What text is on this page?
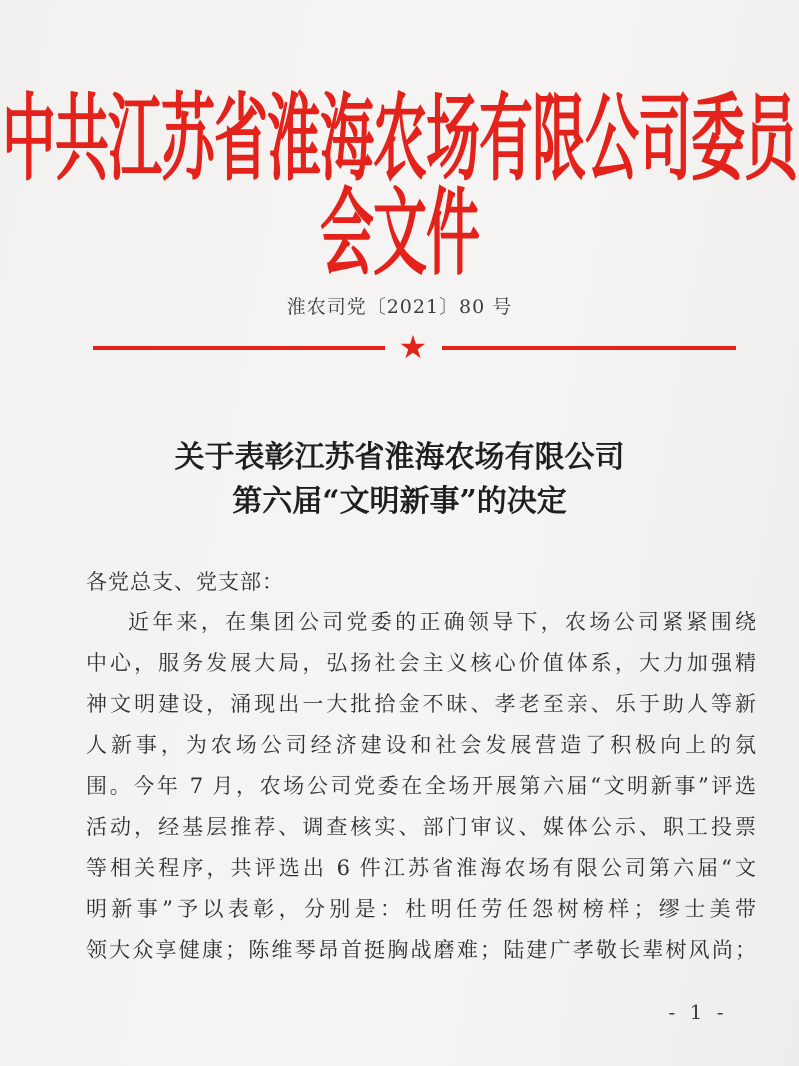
中共江苏省淮海农场有限公司委员会文件
淮农司党〔2021〕80 号
★
关于表彰江苏省淮海农场有限公司
第六届“文明新事”的决定
各党总支、党支部：
近年来，在集团公司党委的正确领导下，农场公司紧紧围绕
中心，服务发展大局，弘扬社会主义核心价值体系，大力加强精
神文明建设，涌现出一大批拾金不昧、孝老至亲、乐于助人等新
人新事，为农场公司经济建设和社会发展营造了积极向上的氛
围。今年 7 月，农场公司党委在全场开展第六届“文明新事”评选
活动，经基层推荐、调查核实、部门审议、媒体公示、职工投票
等相关程序，共评选出 6 件江苏省淮海农场有限公司第六届“文
明新事”予以表彰，分别是：杜明任劳任怨树榜样；缪士美带
领大众享健康；陈维琴昂首挺胸战磨难；陆建广孝敬长辈树风尚；
- 1 -
